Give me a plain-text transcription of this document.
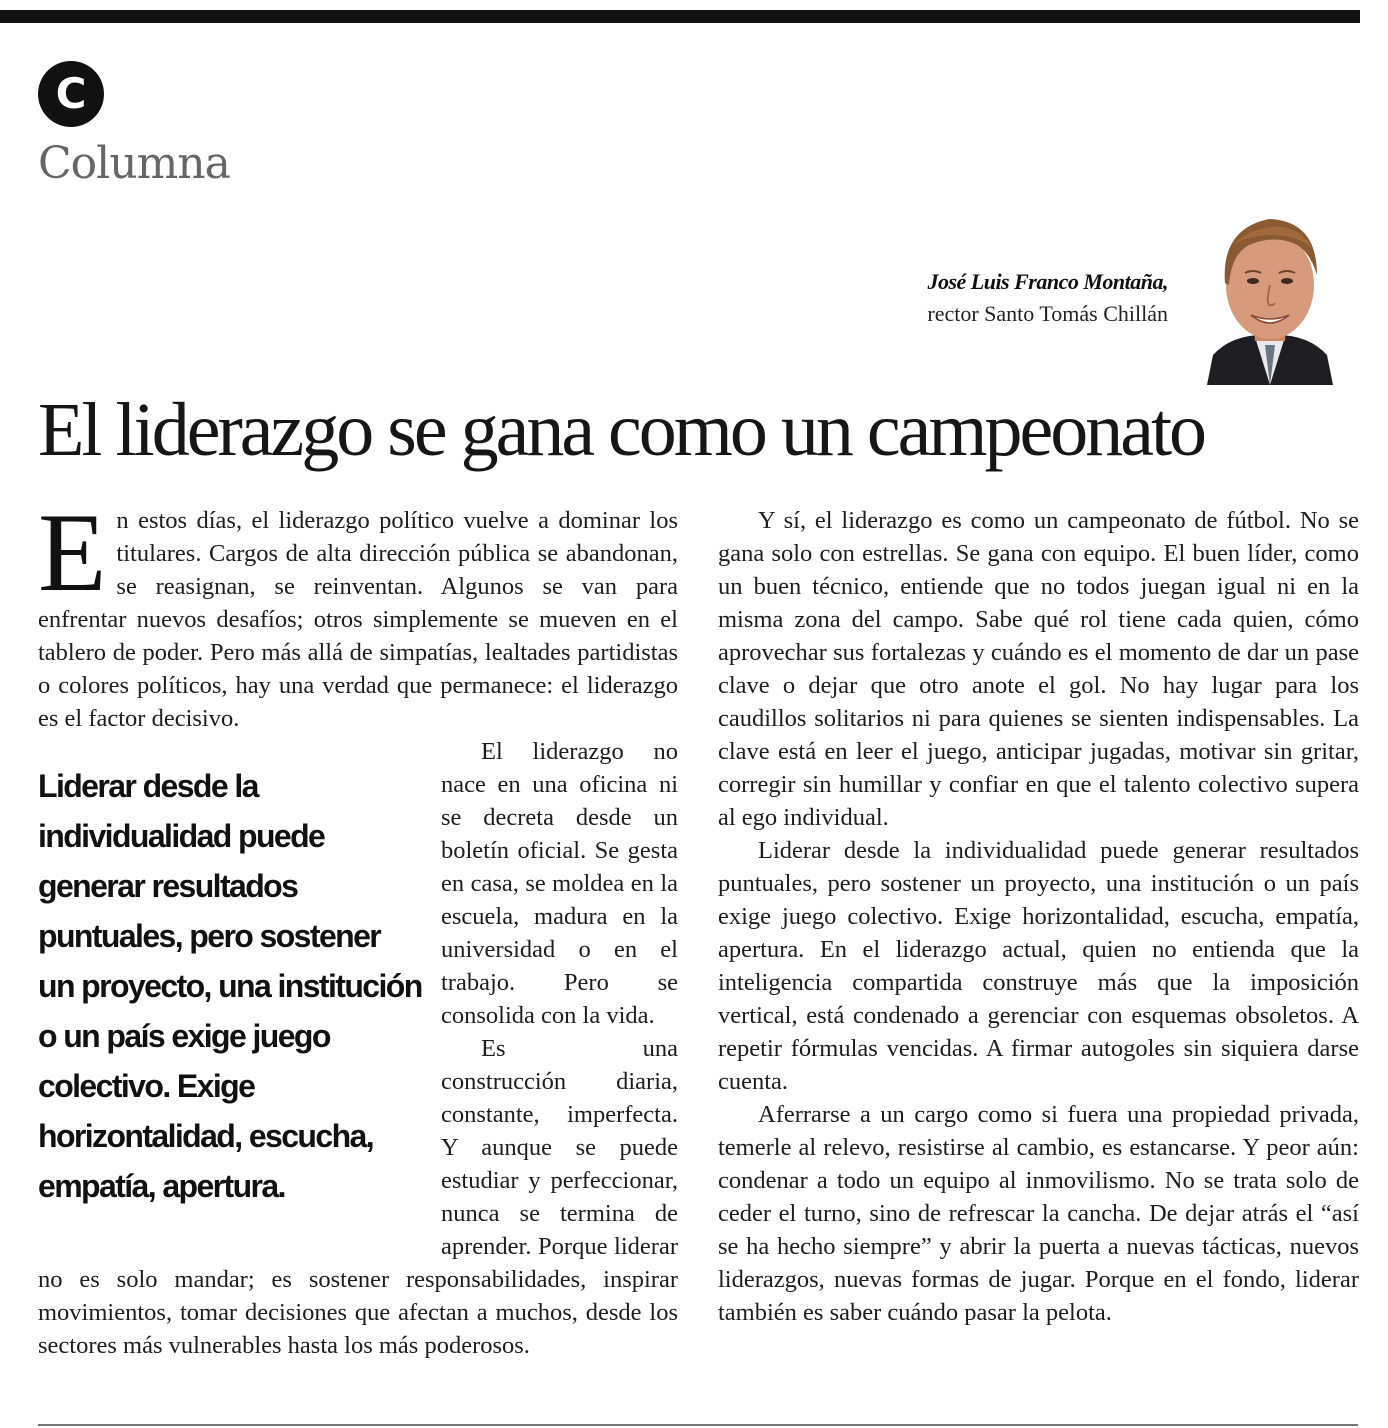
C
Columna
José Luis Franco Montaña,
rector Santo Tomás Chillán
El liderazgo se gana como un campeonato

En estos días, el liderazgo político vuelve a dominar los titulares. Cargos de alta dirección pública se abandonan, se reasignan, se reinventan. Algunos se van para enfrentar nuevos desafíos; otros simplemente se mueven en el tablero de poder. Pero más allá de simpatías, lealtades partidistas o colores políticos, hay una verdad que permanece: el liderazgo es el factor decisivo.

Liderar desde la individualidad puede generar resultados puntuales, pero sostener un proyecto, una institución o un país exige juego colectivo. Exige horizontalidad, escucha, empatía, apertura.

El liderazgo no nace en una oficina ni se decreta desde un boletín oficial. Se gesta en casa, se moldea en la escuela, madura en la universidad o en el trabajo. Pero se consolida con la vida.

Es una construcción diaria, constante, imperfecta. Y aunque se puede estudiar y perfeccionar, nunca se termina de aprender. Porque liderar no es solo mandar; es sostener responsabilidades, inspirar movimientos, tomar decisiones que afectan a muchos, desde los sectores más vulnerables hasta los más poderosos.

Y sí, el liderazgo es como un campeonato de fútbol. No se gana solo con estrellas. Se gana con equipo. El buen líder, como un buen técnico, entiende que no todos juegan igual ni en la misma zona del campo. Sabe qué rol tiene cada quien, cómo aprovechar sus fortalezas y cuándo es el momento de dar un pase clave o dejar que otro anote el gol. No hay lugar para los caudillos solitarios ni para quienes se sienten indispensables. La clave está en leer el juego, anticipar jugadas, motivar sin gritar, corregir sin humillar y confiar en que el talento colectivo supera al ego individual.

Liderar desde la individualidad puede generar resultados puntuales, pero sostener un proyecto, una institución o un país exige juego colectivo. Exige horizontalidad, escucha, empatía, apertura. En el liderazgo actual, quien no entienda que la inteligencia compartida construye más que la imposición vertical, está condenado a gerenciar con esquemas obsoletos. A repetir fórmulas vencidas. A firmar autogoles sin siquiera darse cuenta.

Aferrarse a un cargo como si fuera una propiedad privada, temerle al relevo, resistirse al cambio, es estancarse. Y peor aún: condenar a todo un equipo al inmovilismo. No se trata solo de ceder el turno, sino de refrescar la cancha. De dejar atrás el “así se ha hecho siempre” y abrir la puerta a nuevas tácticas, nuevos liderazgos, nuevas formas de jugar. Porque en el fondo, liderar también es saber cuándo pasar la pelota.
